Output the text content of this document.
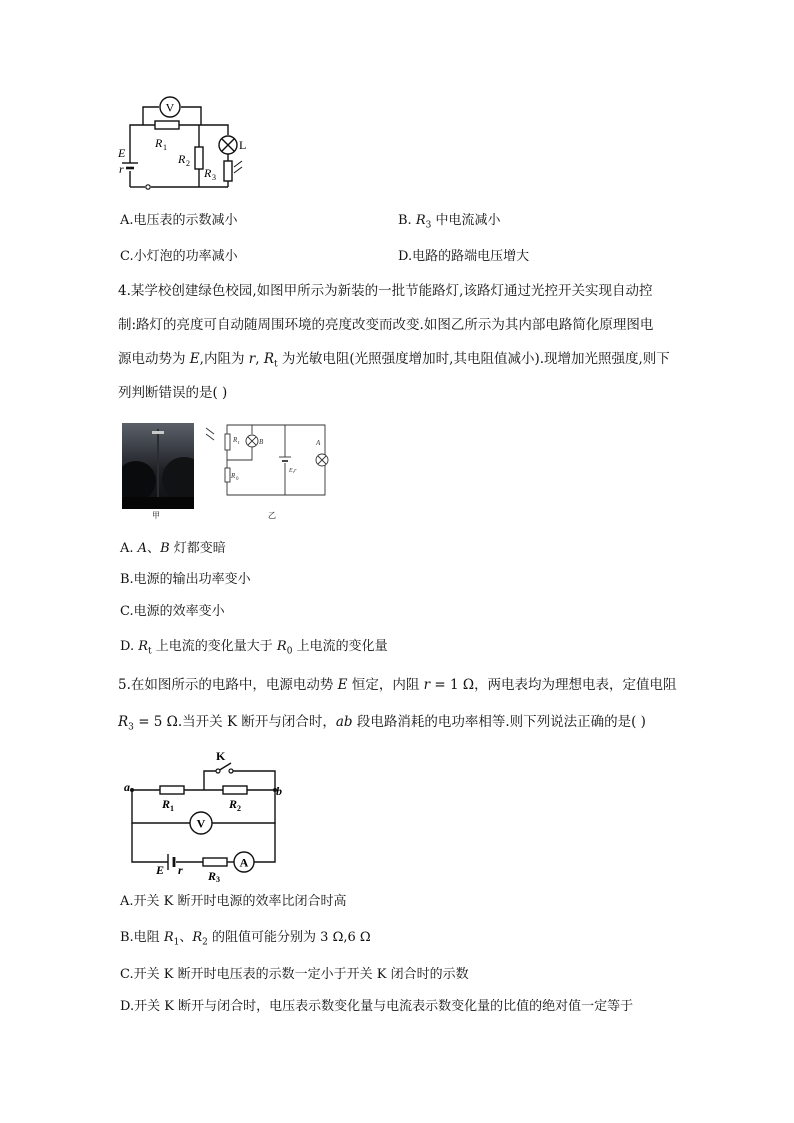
V
R 1
R 2
R 3
L
E
r
A.电压表的示数减小	B. $R_3$ 中电流减小
C.小灯泡的功率减小	D.电路的路端电压增大
4.某学校创建绿色校园,如图甲所示为新装的一批节能路灯,该路灯通过光控开关实现自动控
制:路灯的亮度可自动随周围环境的亮度改变而改变.如图乙所示为其内部电路简化原理图电
源电动势为 E,内阻为 r, $R_t$ 为光敏电阻(光照强度增加时,其电阻值减小).现增加光照强度,则下
列判断错误的是( )
甲
R t	B
R 0
E,r
A
乙
A. A、B 灯都变暗
B.电源的输出功率变小
C.电源的效率变小
D. $R_t$ 上电流的变化量大于 $R_0$ 上电流的变化量
5.在如图所示的电路中，电源电动势 E 恒定，内阻 r = 1 Ω，两电表均为理想电表，定值电阻
$R_3 = 5$ Ω.当开关 K 断开与闭合时，ab 段电路消耗的电功率相等.则下列说法正确的是( )
V
A
K
a	b
R 1	R 2
E r R 3
A.开关 K 断开时电源的效率比闭合时高
B.电阻 $R_1$、$R_2$ 的阻值可能分别为 3 Ω,6 Ω
C.开关 K 断开时电压表的示数一定小于开关 K 闭合时的示数
D.开关 K 断开与闭合时，电压表示数变化量与电流表示数变化量的比值的绝对值一定等于
